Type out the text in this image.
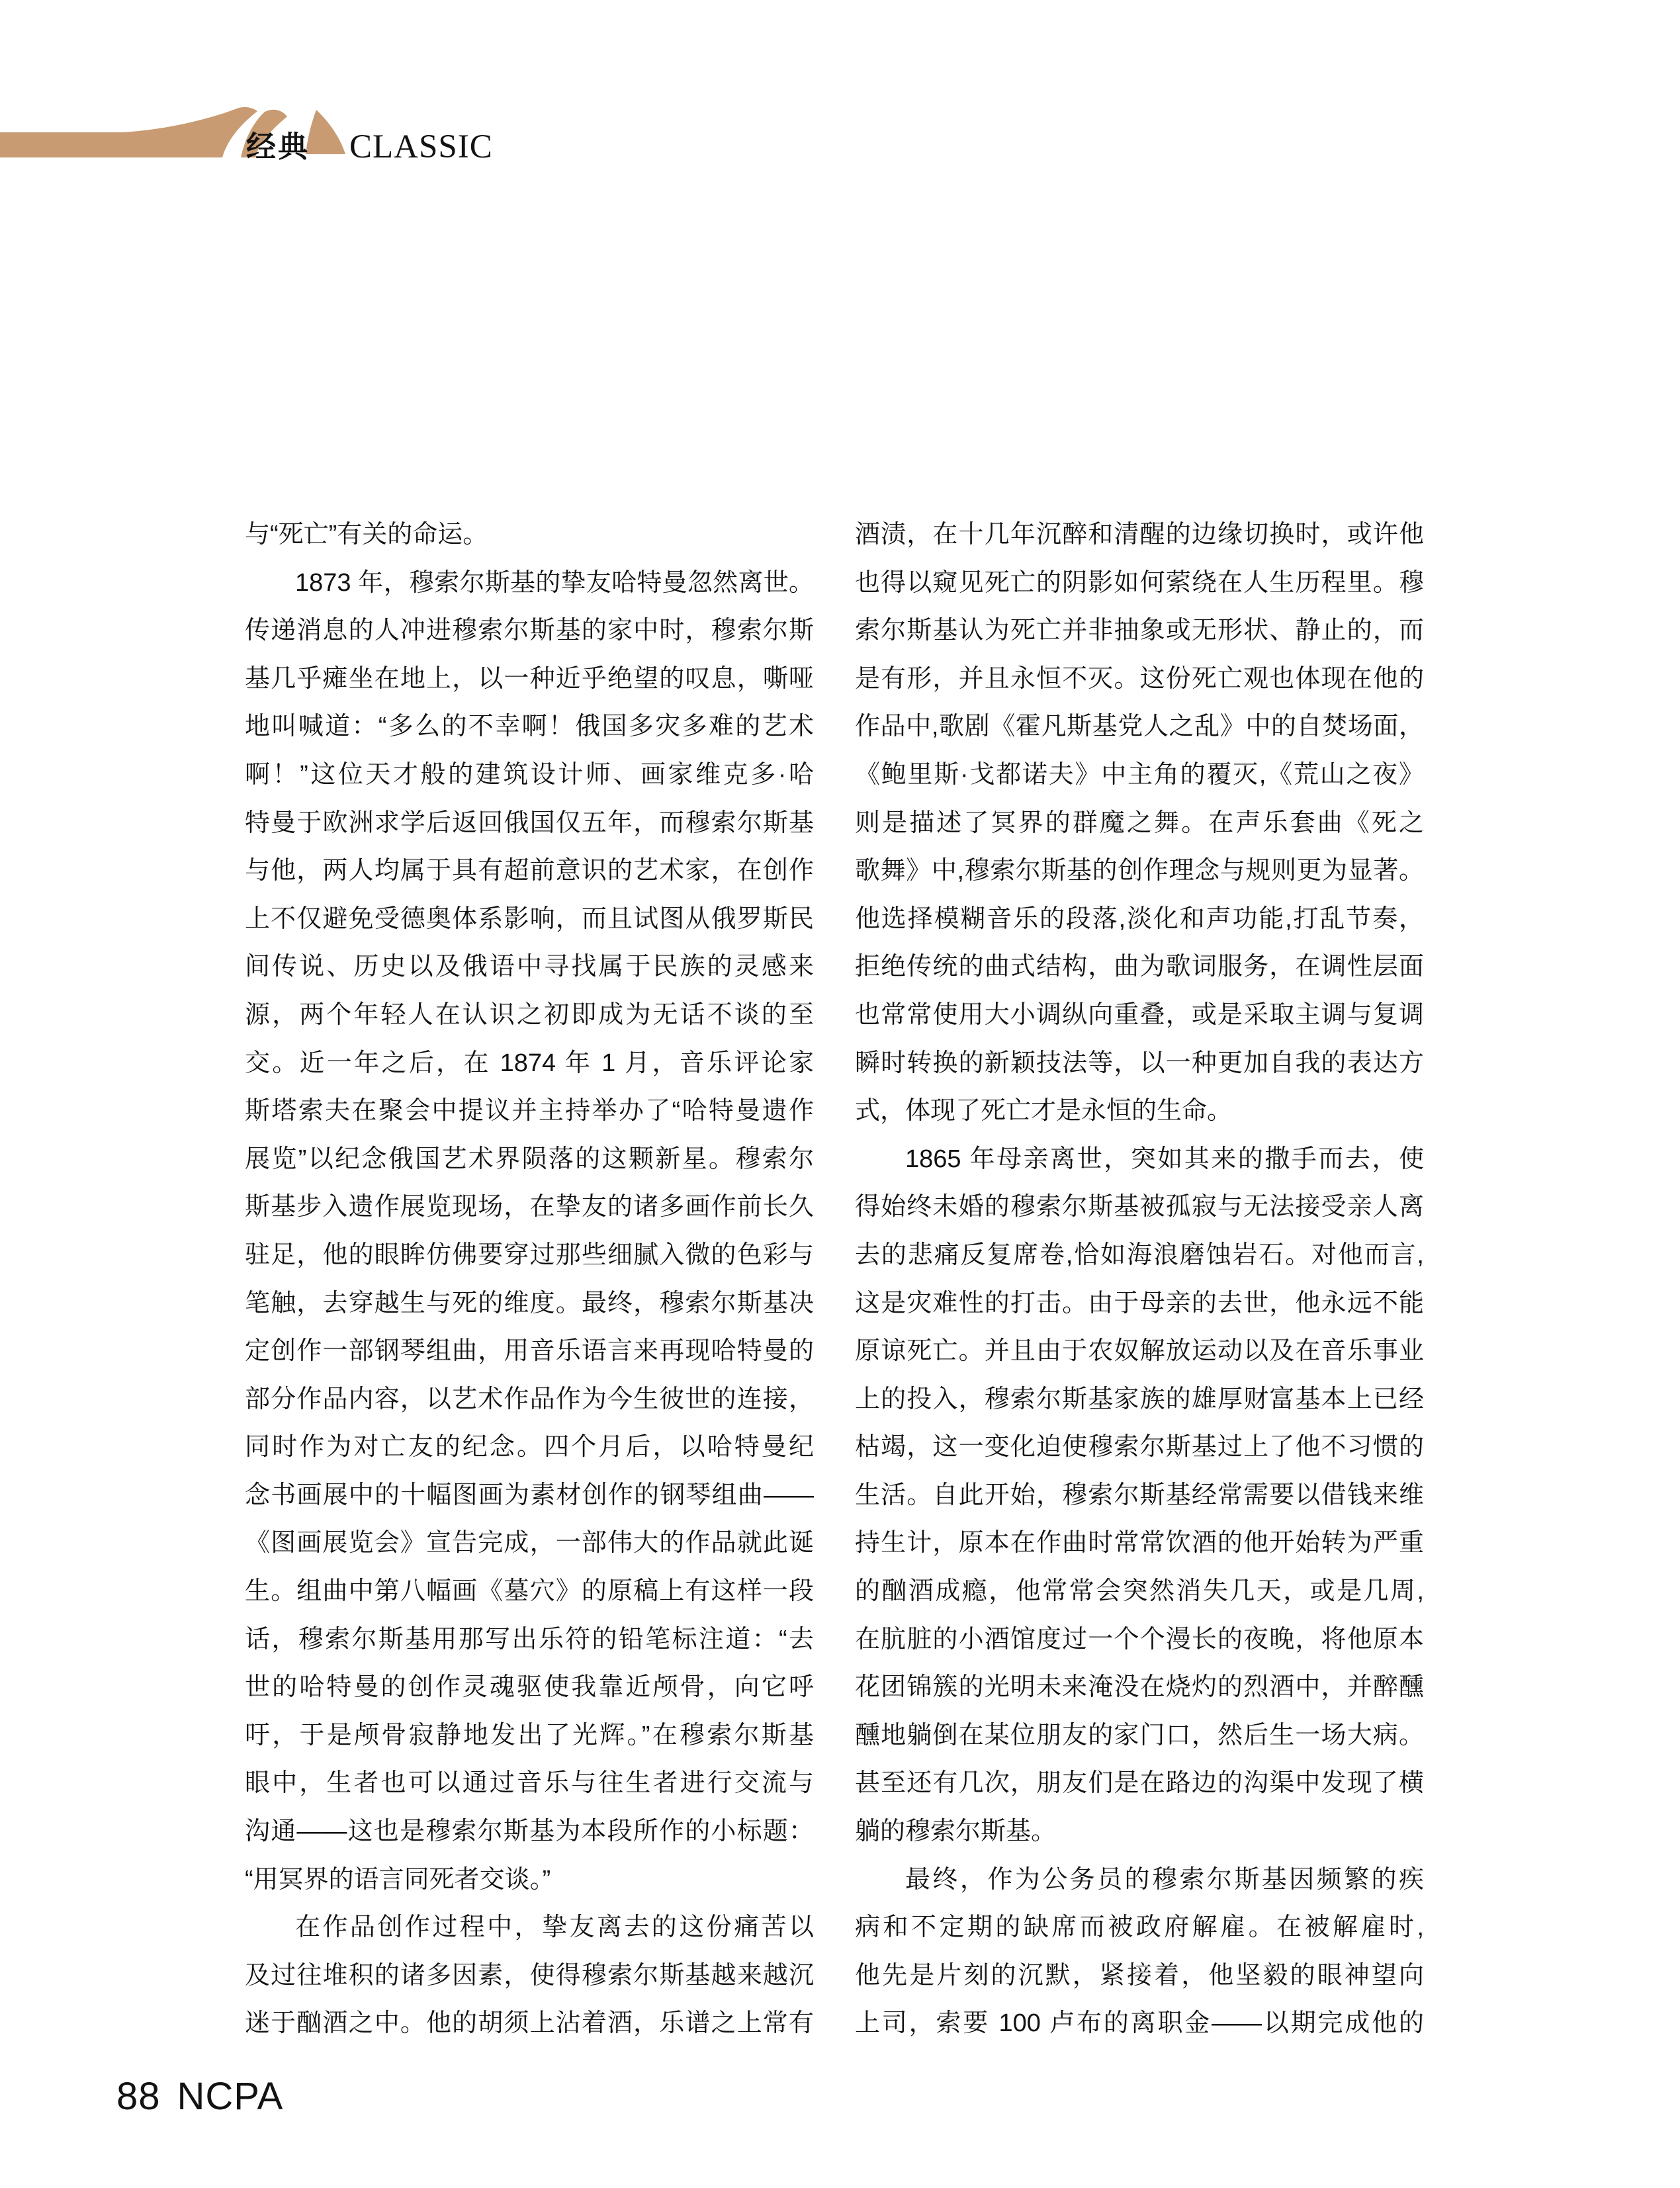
经典 CLASSIC
与“死亡”有关的命运。
1873 年，穆索尔斯基的挚友哈特曼忽然离世。
传递消息的人冲进穆索尔斯基的家中时，穆索尔斯
基几乎瘫坐在地上，以一种近乎绝望的叹息，嘶哑
地叫喊道：“多么的不幸啊！俄国多灾多难的艺术
啊！”这位天才般的建筑设计师、画家维克多·哈
特曼于欧洲求学后返回俄国仅五年，而穆索尔斯基
与他，两人均属于具有超前意识的艺术家，在创作
上不仅避免受德奥体系影响，而且试图从俄罗斯民
间传说、历史以及俄语中寻找属于民族的灵感来
源，两个年轻人在认识之初即成为无话不谈的至
交。近一年之后，在 1874 年 1 月，音乐评论家
斯塔索夫在聚会中提议并主持举办了“哈特曼遗作
展览”以纪念俄国艺术界陨落的这颗新星。穆索尔
斯基步入遗作展览现场，在挚友的诸多画作前长久
驻足，他的眼眸仿佛要穿过那些细腻入微的色彩与
笔触，去穿越生与死的维度。最终，穆索尔斯基决
定创作一部钢琴组曲，用音乐语言来再现哈特曼的
部分作品内容，以艺术作品作为今生彼世的连接，
同时作为对亡友的纪念。四个月后，以哈特曼纪
念书画展中的十幅图画为素材创作的钢琴组曲——
《图画展览会》宣告完成，一部伟大的作品就此诞
生。组曲中第八幅画《墓穴》的原稿上有这样一段
话，穆索尔斯基用那写出乐符的铅笔标注道：“去
世的哈特曼的创作灵魂驱使我靠近颅骨，向它呼
吁，于是颅骨寂静地发出了光辉。”在穆索尔斯基
眼中，生者也可以通过音乐与往生者进行交流与
沟通——这也是穆索尔斯基为本段所作的小标题：
“用冥界的语言同死者交谈。”
在作品创作过程中，挚友离去的这份痛苦以
及过往堆积的诸多因素，使得穆索尔斯基越来越沉
迷于酗酒之中。他的胡须上沾着酒，乐谱之上常有
酒渍，在十几年沉醉和清醒的边缘切换时，或许他
也得以窥见死亡的阴影如何萦绕在人生历程里。穆
索尔斯基认为死亡并非抽象或无形状、静止的，而
是有形，并且永恒不灭。这份死亡观也体现在他的
作品中,歌剧《霍凡斯基党人之乱》中的自焚场面，
《鲍里斯·戈都诺夫》中主角的覆灭,《荒山之夜》
则是描述了冥界的群魔之舞。在声乐套曲《死之
歌舞》中,穆索尔斯基的创作理念与规则更为显著。
他选择模糊音乐的段落,淡化和声功能,打乱节奏，
拒绝传统的曲式结构，曲为歌词服务，在调性层面
也常常使用大小调纵向重叠，或是采取主调与复调
瞬时转换的新颖技法等，以一种更加自我的表达方
式，体现了死亡才是永恒的生命。
1865 年母亲离世，突如其来的撒手而去，使
得始终未婚的穆索尔斯基被孤寂与无法接受亲人离
去的悲痛反复席卷,恰如海浪磨蚀岩石。对他而言,
这是灾难性的打击。由于母亲的去世，他永远不能
原谅死亡。并且由于农奴解放运动以及在音乐事业
上的投入，穆索尔斯基家族的雄厚财富基本上已经
枯竭，这一变化迫使穆索尔斯基过上了他不习惯的
生活。自此开始，穆索尔斯基经常需要以借钱来维
持生计，原本在作曲时常常饮酒的他开始转为严重
的酗酒成瘾，他常常会突然消失几天，或是几周,
在肮脏的小酒馆度过一个个漫长的夜晚，将他原本
花团锦簇的光明未来淹没在烧灼的烈酒中，并醉醺
醺地躺倒在某位朋友的家门口，然后生一场大病。
甚至还有几次，朋友们是在路边的沟渠中发现了横
躺的穆索尔斯基。
最终，作为公务员的穆索尔斯基因频繁的疾
病和不定期的缺席而被政府解雇。在被解雇时,
他先是片刻的沉默，紧接着，他坚毅的眼神望向
上司，索要 100 卢布的离职金——以期完成他的
88 NCPA
